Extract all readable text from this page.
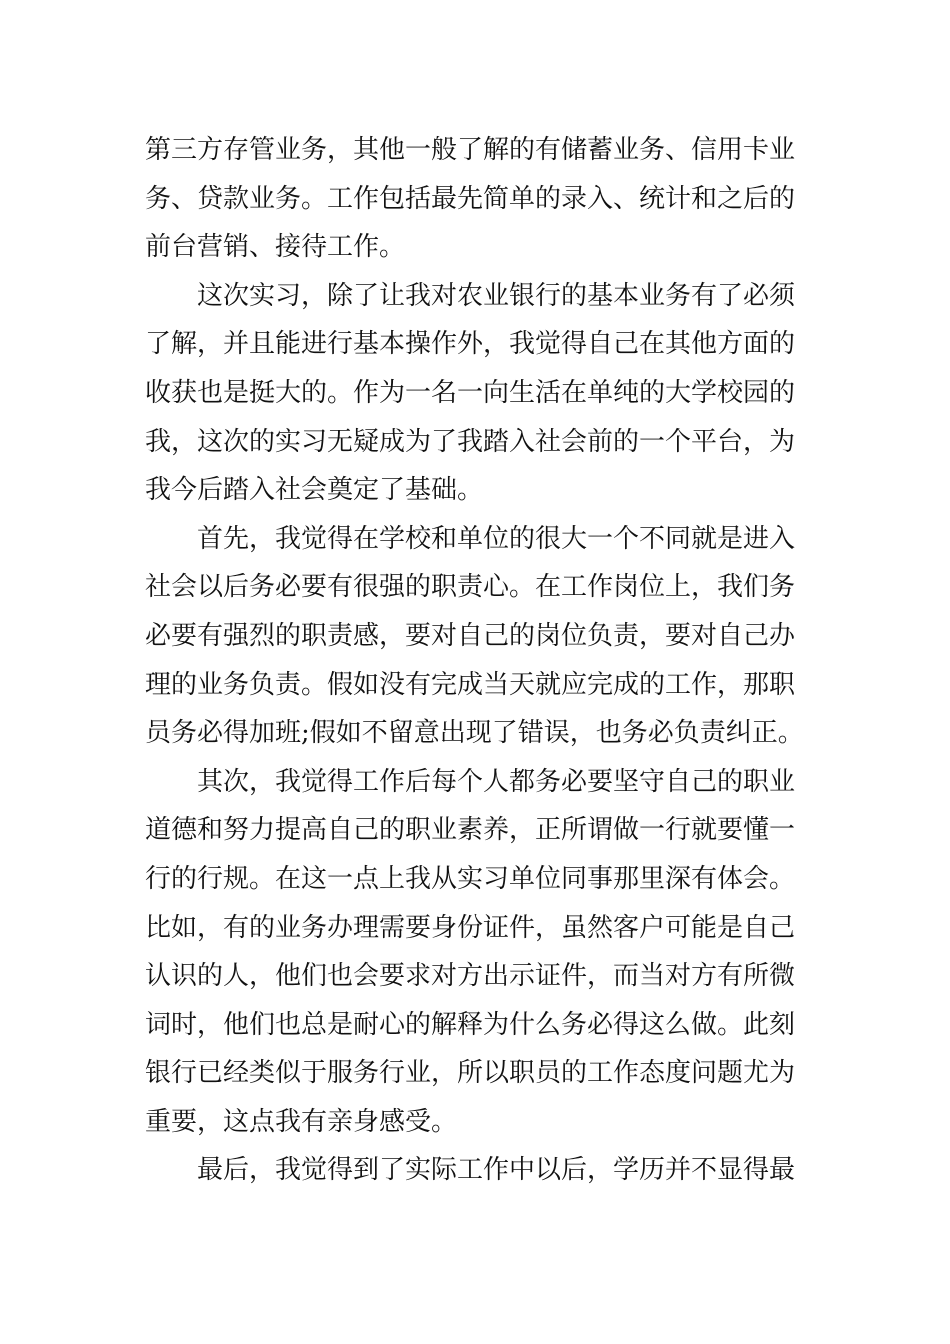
第三方存管业务，其他一般了解的有储蓄业务、信用卡业
务、贷款业务。工作包括最先简单的录入、统计和之后的
前台营销、接待工作。
这次实习，除了让我对农业银行的基本业务有了必须
了解，并且能进行基本操作外，我觉得自己在其他方面的
收获也是挺大的。作为一名一向生活在单纯的大学校园的
我，这次的实习无疑成为了我踏入社会前的一个平台，为
我今后踏入社会奠定了基础。
首先，我觉得在学校和单位的很大一个不同就是进入
社会以后务必要有很强的职责心。在工作岗位上，我们务
必要有强烈的职责感，要对自己的岗位负责，要对自己办
理的业务负责。假如没有完成当天就应完成的工作，那职
员务必得加班;假如不留意出现了错误，也务必负责纠正。
其次，我觉得工作后每个人都务必要坚守自己的职业
道德和努力提高自己的职业素养，正所谓做一行就要懂一
行的行规。在这一点上我从实习单位同事那里深有体会。
比如，有的业务办理需要身份证件，虽然客户可能是自己
认识的人，他们也会要求对方出示证件，而当对方有所微
词时，他们也总是耐心的解释为什么务必得这么做。此刻
银行已经类似于服务行业，所以职员的工作态度问题尤为
重要，这点我有亲身感受。
最后，我觉得到了实际工作中以后，学历并不显得最
